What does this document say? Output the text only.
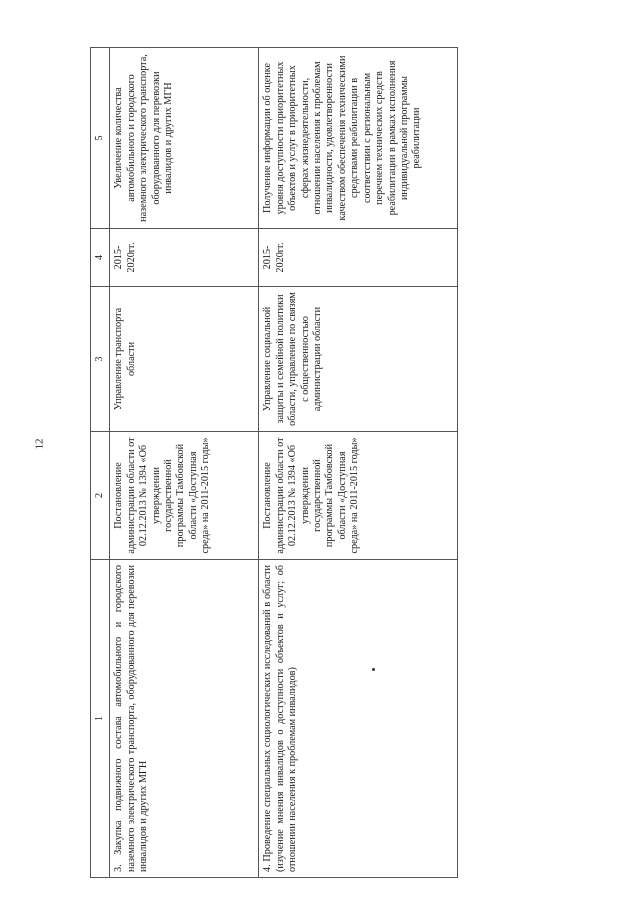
12
1	2	3	4	5
3. Закупка подвижного состава автомобильного и городского наземного электрического транспорта, оборудованного для перевозки инвалидов и других МГН	Постановление администрации области от 02.12.2013 № 1394 «Об утверждении государственной программы Тамбовской области «Доступная среда» на 2011-2015 годы»	Управление транспорта области	2015-2020гг.	Увеличение количества автомобильного и городского наземного электрического транспорта, оборудованного для перевозки инвалидов и других МГН
4. Проведение специальных социологических исследований в области (изучение мнения инвалидов о доступности объектов и услуг; об отношении населения к проблемам инвалидов)	Постановление администрации области от 02.12.2013 № 1394 «Об утверждении государственной программы Тамбовской области «Доступная среда» на 2011-2015 годы»	Управление социальной защиты и семейной политики области, управление по связям с общественностью администрации области	2015-2020гг.	Получение информации об оценке уровня доступности приоритетных объектов и услуг в приоритетных сферах жизнедеятельности, отношении населения к проблемам инвалидности, удовлетворенности качеством обеспечения техническими средствами реабилитации в соответствии с региональным перечнем технических средств реабилитации в рамках исполнения индивидуальной программы реабилитации
